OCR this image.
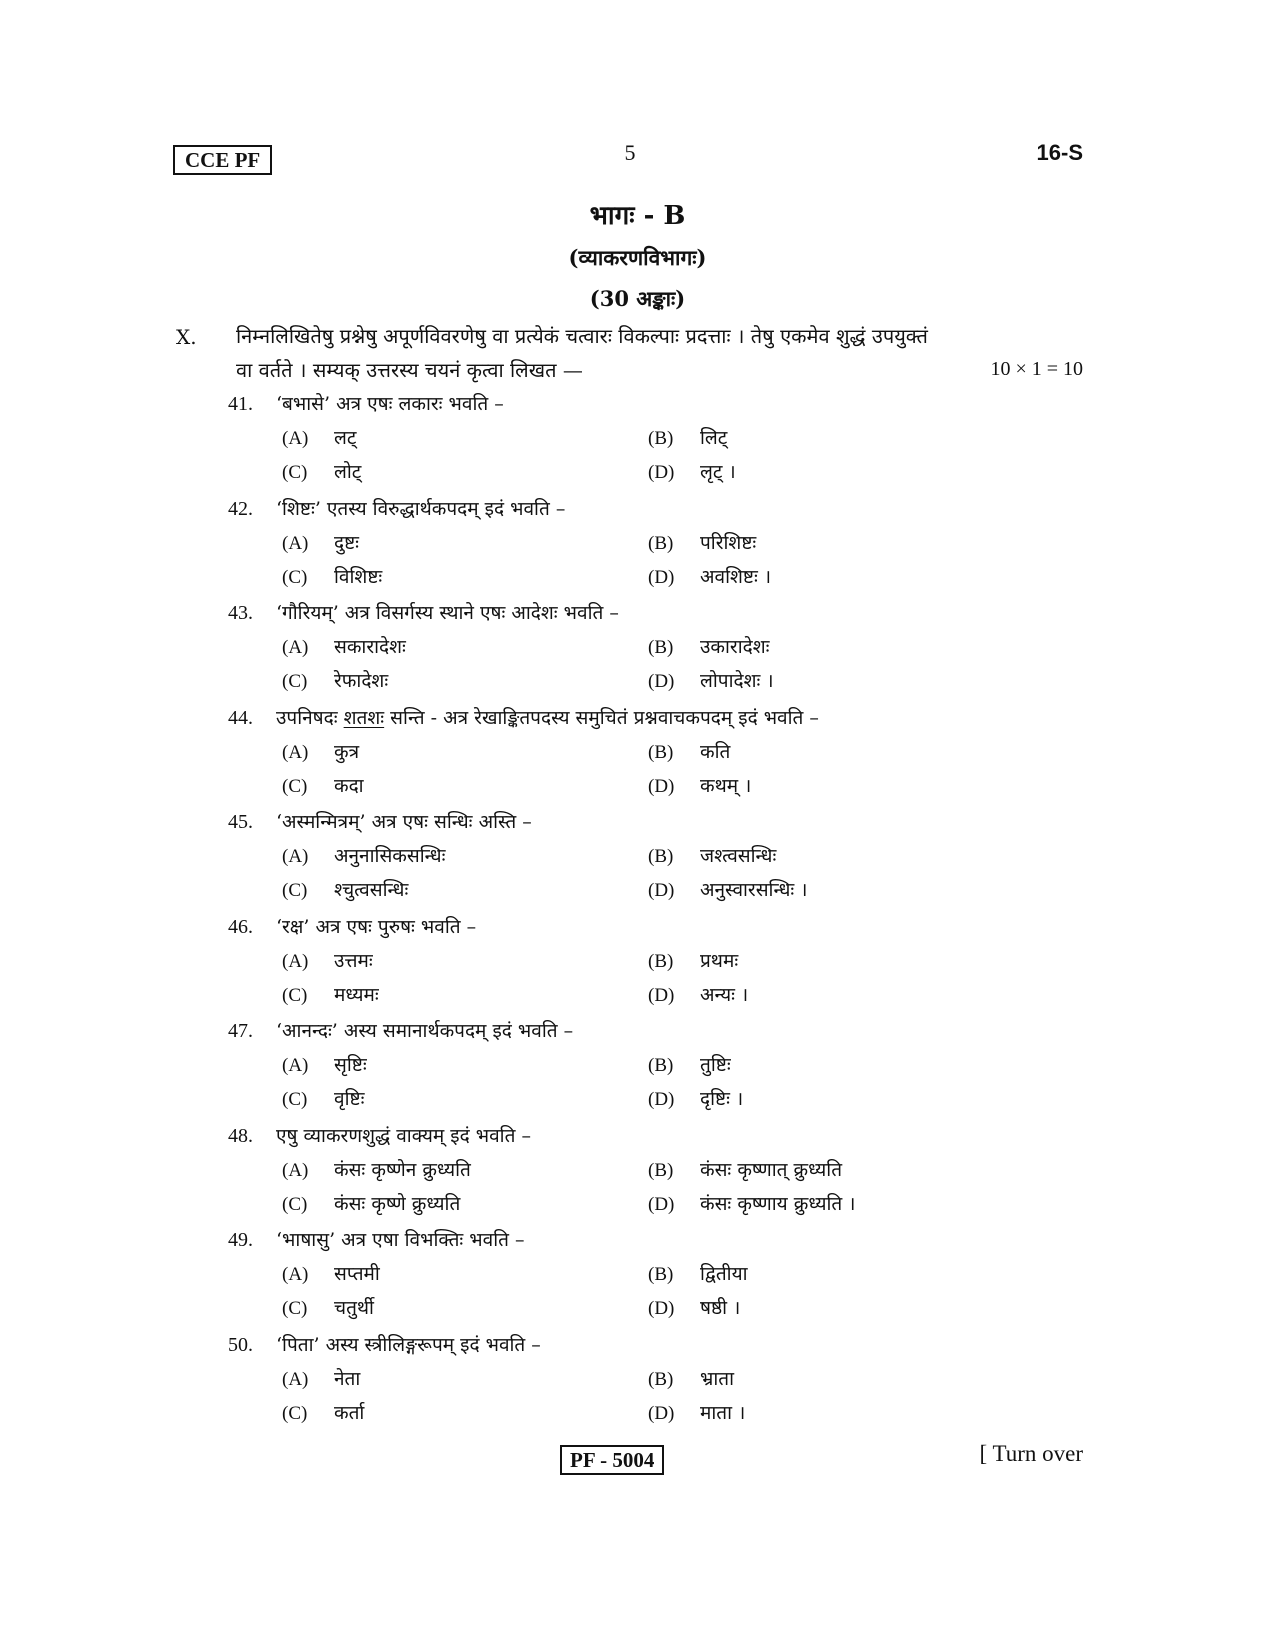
CCE PF	5	16-S
भागः - B
(व्याकरणविभागः)
(30 अङ्काः)
X. निम्नलिखितेषु प्रश्नेषु अपूर्णविवरणेषु वा प्रत्येकं चत्वारः विकल्पाः प्रदत्ताः । तेषु एकमेव शुद्धं उपयुक्तं
वा वर्तते । सम्यक् उत्तरस्य चयनं कृत्वा लिखत —	10 × 1 = 10
41. ‘बभासे’ अत्र एषः लकारः भवति –
(A) लट्	(B) लिट्
(C) लोट्	(D) लृट् ।
42. ‘शिष्टः’ एतस्य विरुद्धार्थकपदम् इदं भवति –
(A) दुष्टः	(B) परिशिष्टः
(C) विशिष्टः	(D) अवशिष्टः ।
43. ‘गौरियम्’ अत्र विसर्गस्य स्थाने एषः आदेशः भवति –
(A) सकारादेशः	(B) उकारादेशः
(C) रेफादेशः	(D) लोपादेशः ।
44. उपनिषदः शतशः सन्ति - अत्र रेखाङ्कितपदस्य समुचितं प्रश्नवाचकपदम् इदं भवति –
(A) कुत्र	(B) कति
(C) कदा	(D) कथम् ।
45. ‘अस्मन्मित्रम्’ अत्र एषः सन्धिः अस्ति –
(A) अनुनासिकसन्धिः	(B) जश्त्वसन्धिः
(C) श्चुत्वसन्धिः	(D) अनुस्वारसन्धिः ।
46. ‘रक्ष’ अत्र एषः पुरुषः भवति –
(A) उत्तमः	(B) प्रथमः
(C) मध्यमः	(D) अन्यः ।
47. ‘आनन्दः’ अस्य समानार्थकपदम् इदं भवति –
(A) सृष्टिः	(B) तुष्टिः
(C) वृष्टिः	(D) दृष्टिः ।
48. एषु व्याकरणशुद्धं वाक्यम् इदं भवति –
(A) कंसः कृष्णेन क्रुध्यति	(B) कंसः कृष्णात् क्रुध्यति
(C) कंसः कृष्णे क्रुध्यति	(D) कंसः कृष्णाय क्रुध्यति ।
49. ‘भाषासु’ अत्र एषा विभक्तिः भवति –
(A) सप्तमी	(B) द्वितीया
(C) चतुर्थी	(D) षष्ठी ।
50. ‘पिता’ अस्य स्त्रीलिङ्गरूपम् इदं भवति –
(A) नेता	(B) भ्राता
(C) कर्ता	(D) माता ।
PF - 5004	[ Turn over
